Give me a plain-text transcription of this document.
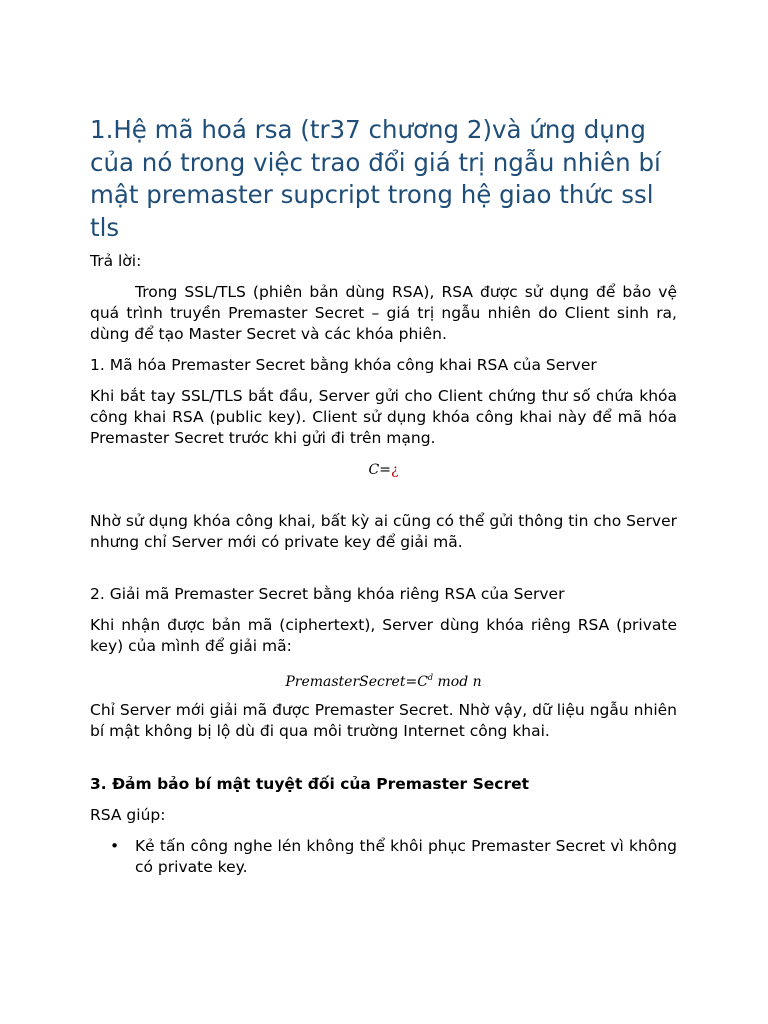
1.Hệ mã hoá rsa (tr37 chương 2)và ứng dụng của nó trong việc trao đổi giá trị ngẫu nhiên bí mật premaster supcript trong hệ giao thức ssl tls

Trả lời:

Trong SSL/TLS (phiên bản dùng RSA), RSA được sử dụng để bảo vệ quá trình truyền Premaster Secret – giá trị ngẫu nhiên do Client sinh ra, dùng để tạo Master Secret và các khóa phiên.

1. Mã hóa Premaster Secret bằng khóa công khai RSA của Server

Khi bắt tay SSL/TLS bắt đầu, Server gửi cho Client chứng thư số chứa khóa công khai RSA (public key). Client sử dụng khóa công khai này để mã hóa Premaster Secret trước khi gửi đi trên mạng.

C=¿

Nhờ sử dụng khóa công khai, bất kỳ ai cũng có thể gửi thông tin cho Server nhưng chỉ Server mới có private key để giải mã.

2. Giải mã Premaster Secret bằng khóa riêng RSA của Server

Khi nhận được bản mã (ciphertext), Server dùng khóa riêng RSA (private key) của mình để giải mã:

$PremasterSecret=C^d$ mod n

Chỉ Server mới giải mã được Premaster Secret. Nhờ vậy, dữ liệu ngẫu nhiên bí mật không bị lộ dù đi qua môi trường Internet công khai.

3. Đảm bảo bí mật tuyệt đối của Premaster Secret

RSA giúp:

• Kẻ tấn công nghe lén không thể khôi phục Premaster Secret vì không có private key.
